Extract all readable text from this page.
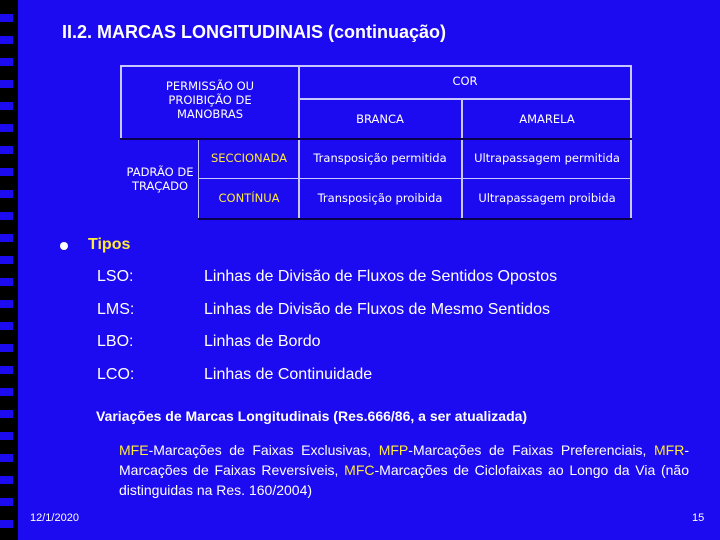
II.2. MARCAS LONGITUDINAIS (continuação)
PERMISSÃO OU PROIBIÇÃO DE MANOBRAS
COR
BRANCA	AMARELA
PADRÃO DE TRAÇADO
SECCIONADA	Transposição permitida	Ultrapassagem permitida
CONTÍNUA	Transposição proibida	Ultrapassagem proibida
Tipos
LSO:	Linhas de Divisão de Fluxos de Sentidos Opostos
LMS:	Linhas de Divisão de Fluxos de Mesmo Sentidos
LBO:	Linhas de Bordo
LCO:	Linhas de Continuidade
Variações de Marcas Longitudinais (Res.666/86, a ser atualizada)
MFE-Marcações de Faixas Exclusivas, MFP-Marcações de Faixas Preferenciais, MFR-Marcações de Faixas Reversíveis, MFC-Marcações de Ciclofaixas ao Longo da Via (não distinguidas na Res. 160/2004)
12/1/2020	15
